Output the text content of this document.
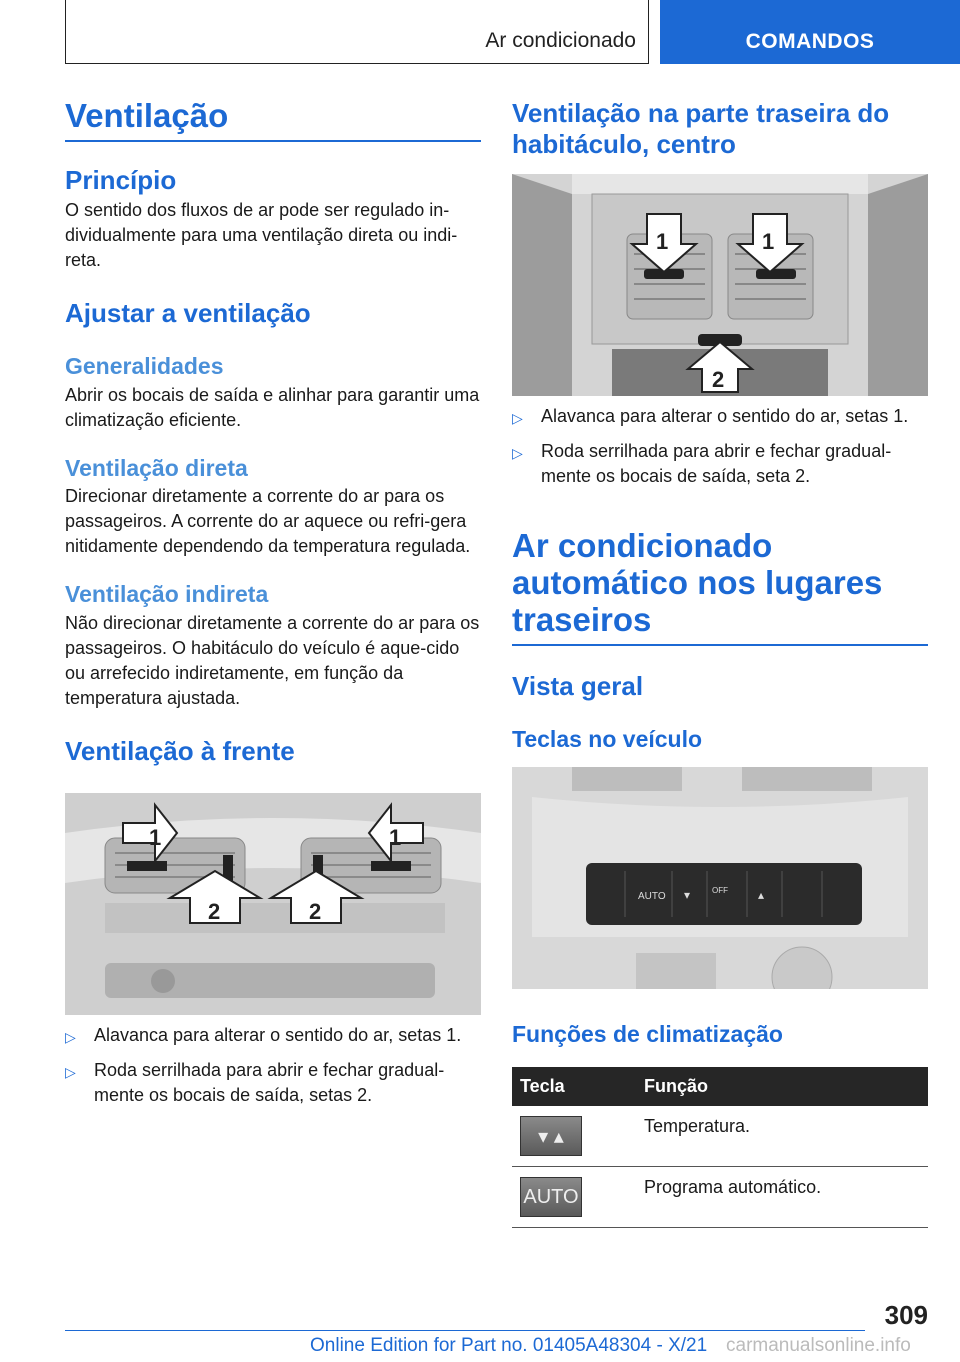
Ar condicionado	COMANDOS
Ventilação
Princípio
O sentido dos fluxos de ar pode ser regulado in-dividualmente para uma ventilação direta ou indi-reta.
Ajustar a ventilação
Generalidades
Abrir os bocais de saída e alinhar para garantir uma climatização eficiente.
Ventilação direta
Direcionar diretamente a corrente do ar para os passageiros. A corrente do ar aquece ou refri-gera nitidamente dependendo da temperatura regulada.
Ventilação indireta
Não direcionar diretamente a corrente do ar para os passageiros. O habitáculo do veículo é aque-cido ou arrefecido indiretamente, em função da temperatura ajustada.
Ventilação à frente
1	1
2	2
▷	Alavanca para alterar o sentido do ar, setas 1.
▷	Roda serrilhada para abrir e fechar gradual-mente os bocais de saída, setas 2.
Ventilação na parte traseira do habitáculo, centro
1	1
2
▷	Alavanca para alterar o sentido do ar, setas 1.
▷	Roda serrilhada para abrir e fechar gradual-mente os bocais de saída, seta 2.
Ar condicionado automático nos lugares traseiros
Vista geral
Teclas no veículo
AUTO ▾	OFF	▴
Funções de climatização
Tecla	Função

▾ ▴	Temperatura.

AUTO	Programa automático.
309
Online Edition for Part no. 01405A48304 - X/21 carmanualsonline.info
